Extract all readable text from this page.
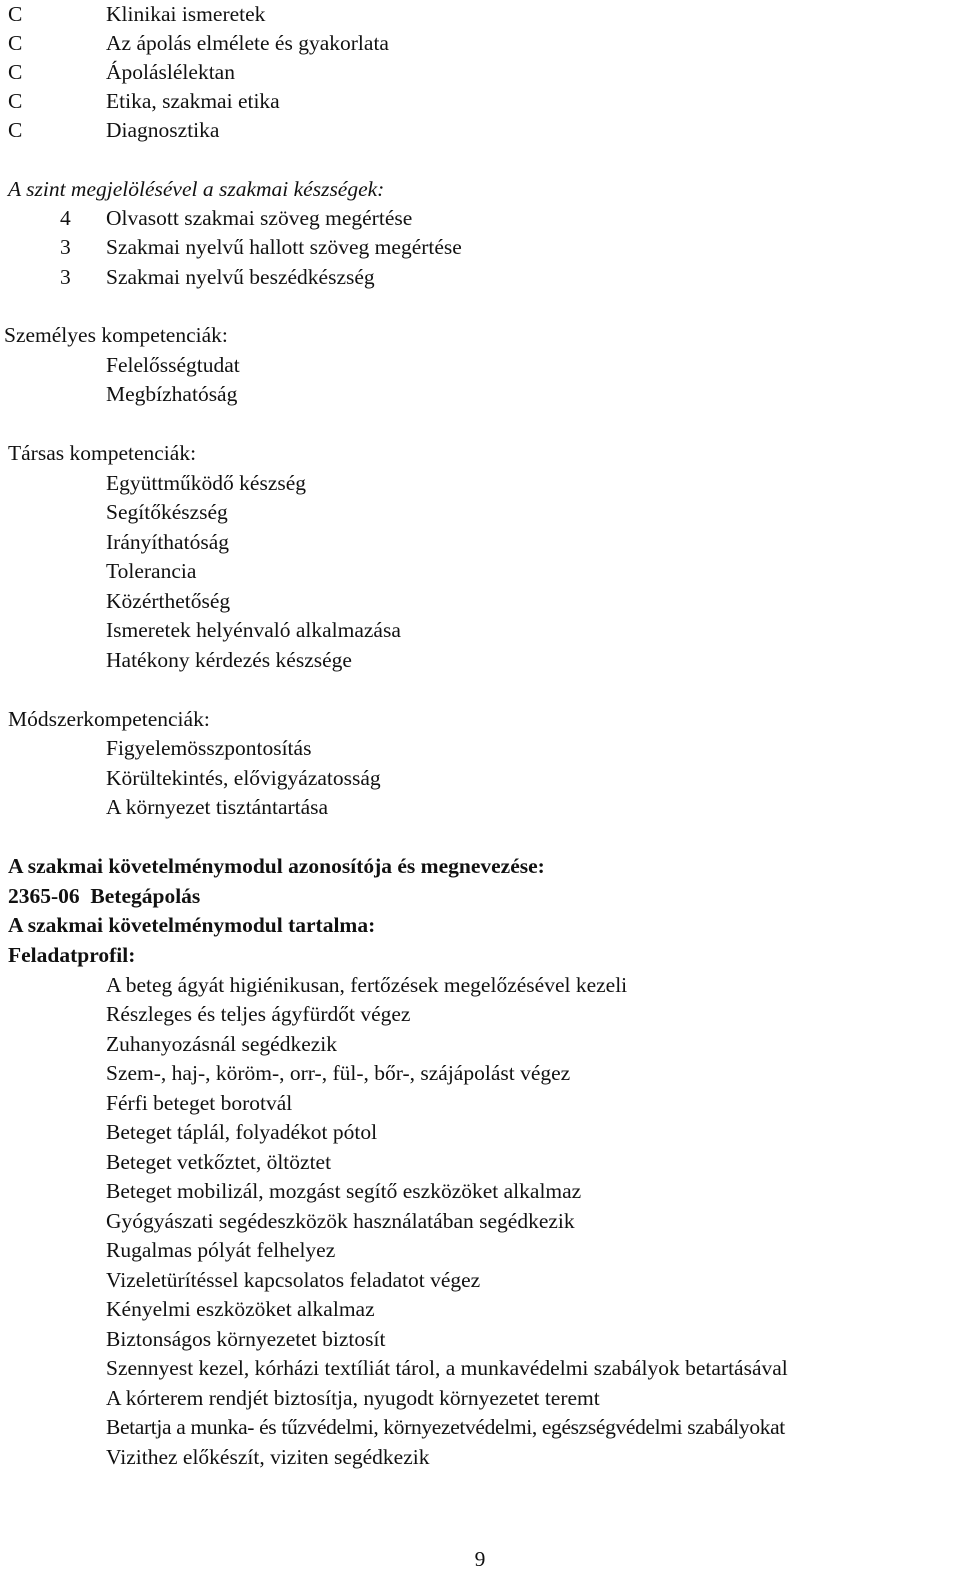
C	Klinikai ismeretek
C	Az ápolás elmélete és gyakorlata
C	Ápoláslélektan
C	Etika, szakmai etika
C	Diagnosztika
A szint megjelölésével a szakmai készségek:
4	Olvasott szakmai szöveg megértése
3	Szakmai nyelvű hallott szöveg megértése
3	Szakmai nyelvű beszédkészség
Személyes kompetenciák:
Felelősségtudat
Megbízhatóság
Társas kompetenciák:
Együttműködő készség
Segítőkészség
Irányíthatóság
Tolerancia
Közérthetőség
Ismeretek helyénvaló alkalmazása
Hatékony kérdezés készsége
Módszerkompetenciák:
Figyelemösszpontosítás
Körültekintés, elővigyázatosság
A környezet tisztántartása
A szakmai követelménymodul azonosítója és megnevezése:
2365-06  Betegápolás
A szakmai követelménymodul tartalma:
Feladatprofil:
A beteg ágyát higiénikusan, fertőzések megelőzésével kezeli
Részleges és teljes ágyfürdőt végez
Zuhanyozásnál segédkezik
Szem-, haj-, köröm-, orr-, fül-, bőr-, szájápolást végez
Férfi beteget borotvál
Beteget táplál, folyadékot pótol
Beteget vetkőztet, öltöztet
Beteget mobilizál, mozgást segítő eszközöket alkalmaz
Gyógyászati segédeszközök használatában segédkezik
Rugalmas pólyát felhelyez
Vizeletürítéssel kapcsolatos feladatot végez
Kényelmi eszközöket alkalmaz
Biztonságos környezetet biztosít
Szennyest kezel, kórházi textíliát tárol, a munkavédelmi szabályok betartásával
A kórterem rendjét biztosítja, nyugodt környezetet teremt
Betartja a munka- és tűzvédelmi, környezetvédelmi, egészségvédelmi szabályokat
Vizithez előkészít, viziten segédkezik
9
